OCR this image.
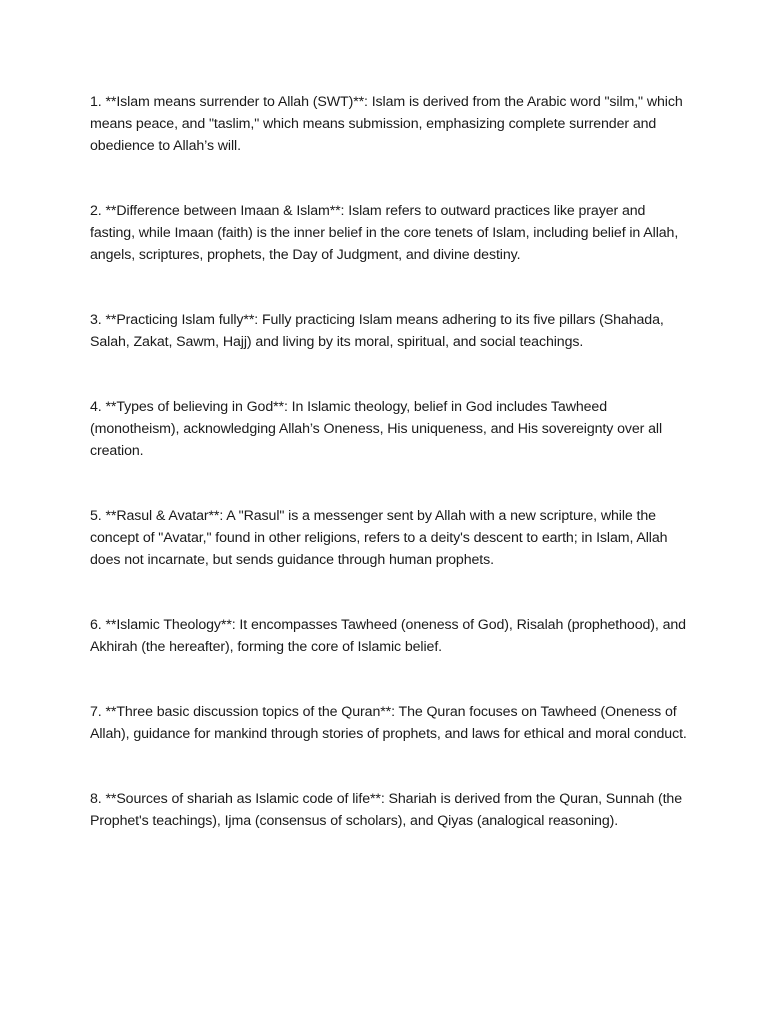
1. **Islam means surrender to Allah (SWT)**: Islam is derived from the Arabic word "silm," which means peace, and "taslim," which means submission, emphasizing complete surrender and obedience to Allah’s will.

2. **Difference between Imaan & Islam**: Islam refers to outward practices like prayer and fasting, while Imaan (faith) is the inner belief in the core tenets of Islam, including belief in Allah, angels, scriptures, prophets, the Day of Judgment, and divine destiny.

3. **Practicing Islam fully**: Fully practicing Islam means adhering to its five pillars (Shahada, Salah, Zakat, Sawm, Hajj) and living by its moral, spiritual, and social teachings.

4. **Types of believing in God**: In Islamic theology, belief in God includes Tawheed (monotheism), acknowledging Allah’s Oneness, His uniqueness, and His sovereignty over all creation.

5. **Rasul & Avatar**: A "Rasul" is a messenger sent by Allah with a new scripture, while the concept of "Avatar," found in other religions, refers to a deity's descent to earth; in Islam, Allah does not incarnate, but sends guidance through human prophets.

6. **Islamic Theology**: It encompasses Tawheed (oneness of God), Risalah (prophethood), and Akhirah (the hereafter), forming the core of Islamic belief.

7. **Three basic discussion topics of the Quran**: The Quran focuses on Tawheed (Oneness of Allah), guidance for mankind through stories of prophets, and laws for ethical and moral conduct.

8. **Sources of shariah as Islamic code of life**: Shariah is derived from the Quran, Sunnah (the Prophet's teachings), Ijma (consensus of scholars), and Qiyas (analogical reasoning).
